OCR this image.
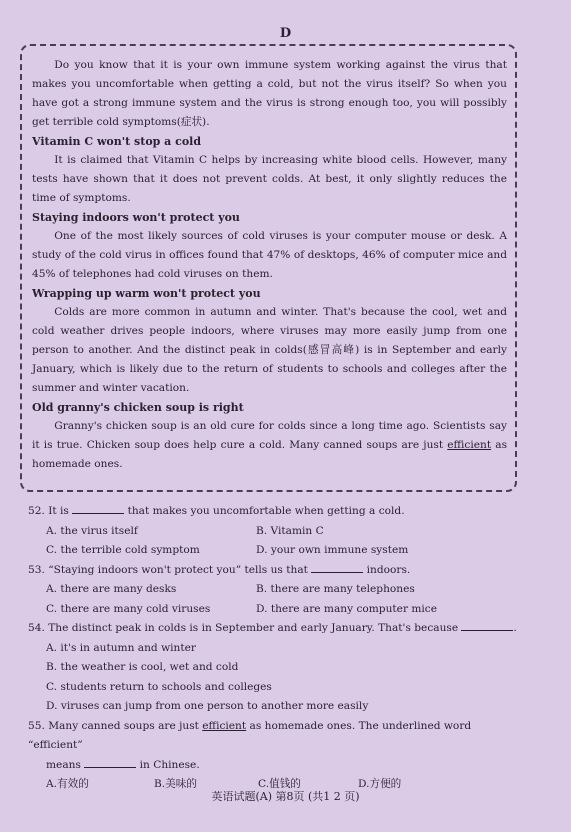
D

Do you know that it is your own immune system working against the virus that makes you uncomfortable when getting a cold, but not the virus itself? So when you have got a strong immune system and the virus is strong enough too, you will possibly get terrible cold symptoms(症状).

Vitamin C won't stop a cold

It is claimed that Vitamin C helps by increasing white blood cells. However, many tests have shown that it does not prevent colds. At best, it only slightly reduces the time of symptoms.

Staying indoors won't protect you

One of the most likely sources of cold viruses is your computer mouse or desk. A study of the cold virus in offices found that 47% of desktops, 46% of computer mice and 45% of telephones had cold viruses on them.

Wrapping up warm won't protect you

Colds are more common in autumn and winter. That's because the cool, wet and cold weather drives people indoors, where viruses may more easily jump from one person to another. And the distinct peak in colds(感冒高峰) is in September and early January, which is likely due to the return of students to schools and colleges after the summer and winter vacation.

Old granny's chicken soup is right

Granny's chicken soup is an old cure for colds since a long time ago. Scientists say it is true. Chicken soup does help cure a cold. Many canned soups are just efficient as homemade ones.

52. It is	that makes you uncomfortable when getting a cold.

A. the virus itself	B. Vitamin C
C. the terrible cold symptom	D. your own immune system

53. “Staying indoors won't protect you” tells us that	indoors.

A. there are many desks	B. there are many telephones
C. there are many cold viruses	D. there are many computer mice

54. The distinct peak in colds is in September and early January. That's because	.

A. it's in autumn and winter
B. the weather is cool, wet and cold
C. students return to schools and colleges
D. viruses can jump from one person to another more easily

55. Many canned soups are just efficient as homemade ones. The underlined word “efficient”

means	in Chinese.

A.有效的	B.美味的	C.值钱的	D.方便的
英语试题(A) 第8页 (共1 2 页)
